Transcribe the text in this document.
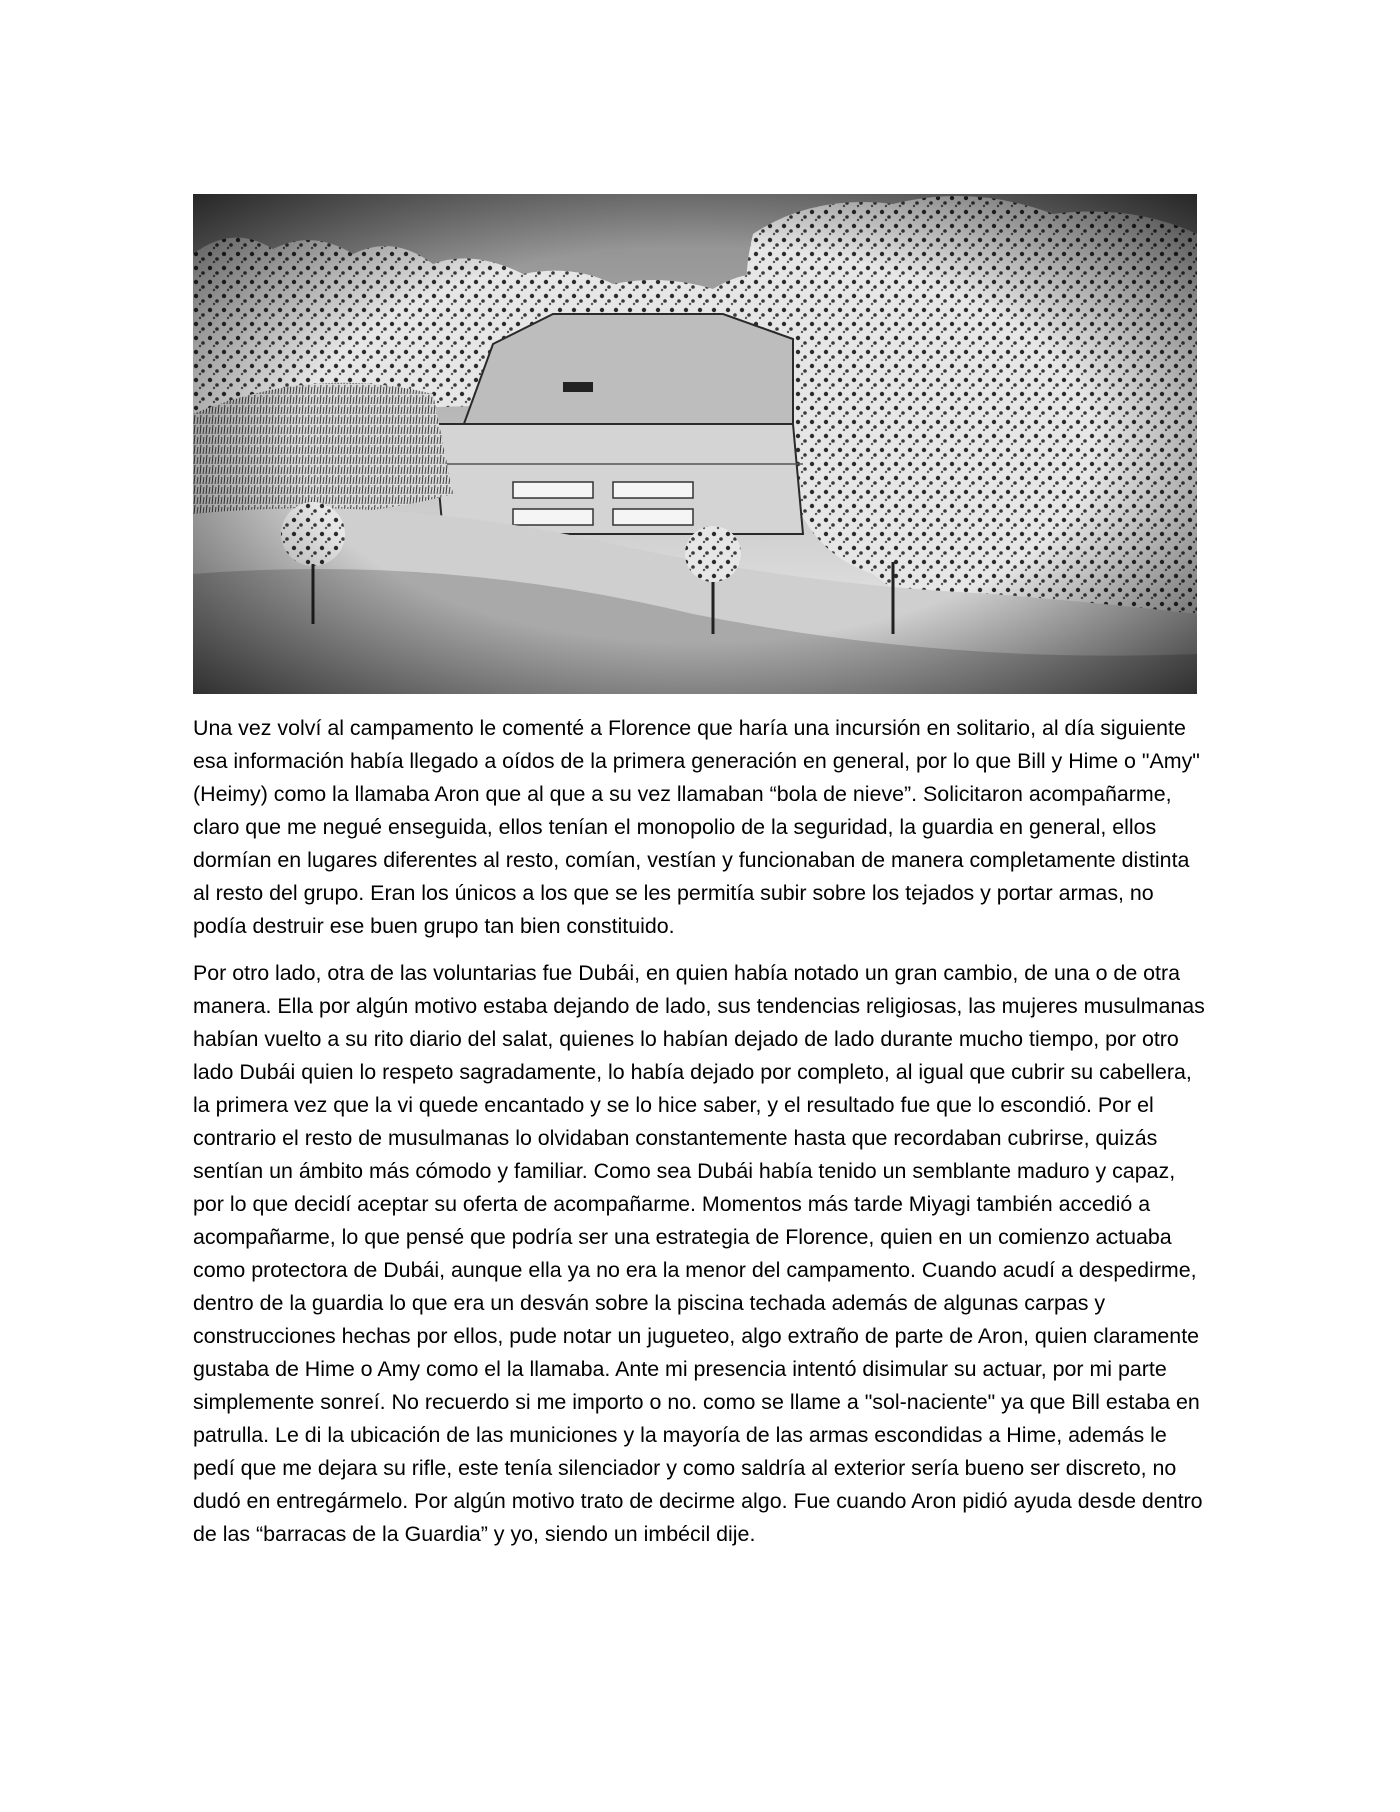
Una vez volví al campamento le comenté a Florence que haría una incursión en solitario, al día siguiente esa información había llegado a oídos de la primera generación en general, por lo que Bill y Hime o "Amy" (Heimy) como la llamaba Aron que al que a su vez llamaban “bola de nieve”. Solicitaron acompañarme, claro que me negué enseguida, ellos tenían el monopolio de la seguridad, la guardia en general, ellos dormían en lugares diferentes al resto, comían, vestían y funcionaban de manera completamente distinta al resto del grupo. Eran los únicos a los que se les permitía subir sobre los tejados y portar armas, no podía destruir ese buen grupo tan bien constituido.

Por otro lado, otra de las voluntarias fue Dubái, en quien había notado un gran cambio, de una o de otra manera. Ella por algún motivo estaba dejando de lado, sus tendencias religiosas, las mujeres musulmanas habían vuelto a su rito diario del salat, quienes lo habían dejado de lado durante mucho tiempo, por otro lado Dubái quien lo respeto sagradamente, lo había dejado por completo, al igual que cubrir su cabellera, la primera vez que la vi quede encantado y se lo hice saber, y el resultado fue que lo escondió. Por el contrario el resto de musulmanas lo olvidaban constantemente hasta que recordaban cubrirse, quizás sentían un ámbito más cómodo y familiar. Como sea Dubái había tenido un semblante maduro y capaz, por lo que decidí aceptar su oferta de acompañarme. Momentos más tarde Miyagi también accedió a acompañarme, lo que pensé que podría ser una estrategia de Florence, quien en un comienzo actuaba como protectora de Dubái, aunque ella ya no era la menor del campamento. Cuando acudí a despedirme, dentro de la guardia lo que era un desván sobre la piscina techada además de algunas carpas y construcciones hechas por ellos, pude notar un jugueteo, algo extraño de parte de Aron, quien claramente gustaba de Hime o Amy como el la llamaba. Ante mi presencia intentó disimular su actuar, por mi parte simplemente sonreí. No recuerdo si me importo o no. como se llame a "sol-naciente" ya que Bill estaba en patrulla. Le di la ubicación de las municiones y la mayoría de las armas escondidas a Hime, además le pedí que me dejara su rifle, este tenía silenciador y como saldría al exterior sería bueno ser discreto, no dudó en entregármelo. Por algún motivo trato de decirme algo. Fue cuando Aron pidió ayuda desde dentro de las “barracas de la Guardia” y yo, siendo un imbécil dije.
